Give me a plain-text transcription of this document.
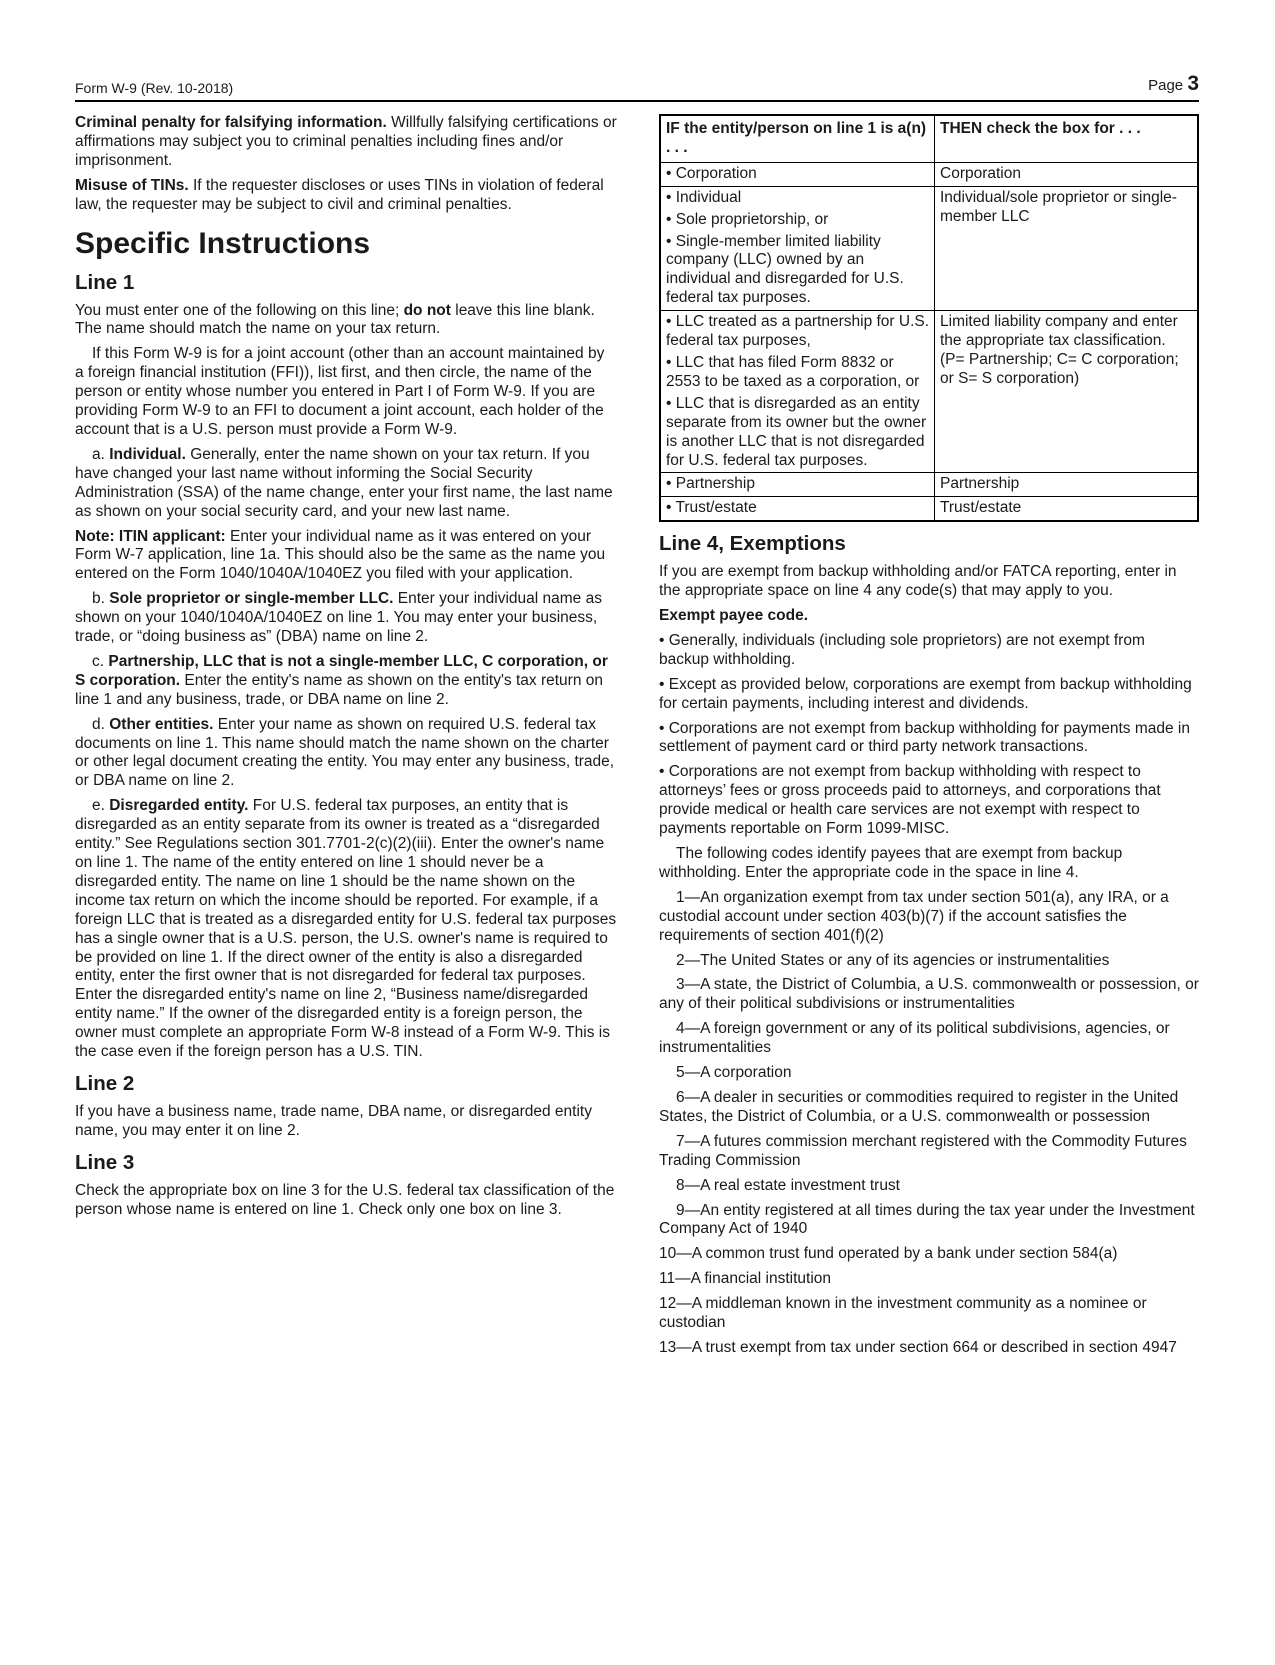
Form W-9 (Rev. 10-2018)	Page 3

Criminal penalty for falsifying information. Willfully falsifying certifications or affirmations may subject you to criminal penalties including fines and/or imprisonment.

Misuse of TINs. If the requester discloses or uses TINs in violation of federal law, the requester may be subject to civil and criminal penalties.

Specific Instructions
Line 1

You must enter one of the following on this line; do not leave this line blank. The name should match the name on your tax return.

If this Form W-9 is for a joint account (other than an account maintained by a foreign financial institution (FFI)), list first, and then circle, the name of the person or entity whose number you entered in Part I of Form W-9. If you are providing Form W-9 to an FFI to document a joint account, each holder of the account that is a U.S. person must provide a Form W-9.

a. Individual. Generally, enter the name shown on your tax return. If you have changed your last name without informing the Social Security Administration (SSA) of the name change, enter your first name, the last name as shown on your social security card, and your new last name.

Note: ITIN applicant: Enter your individual name as it was entered on your Form W-7 application, line 1a. This should also be the same as the name you entered on the Form 1040/1040A/1040EZ you filed with your application.

b. Sole proprietor or single-member LLC. Enter your individual name as shown on your 1040/1040A/1040EZ on line 1. You may enter your business, trade, or “doing business as” (DBA) name on line 2.

c. Partnership, LLC that is not a single-member LLC, C corporation, or S corporation. Enter the entity's name as shown on the entity's tax return on line 1 and any business, trade, or DBA name on line 2.

d. Other entities. Enter your name as shown on required U.S. federal tax documents on line 1. This name should match the name shown on the charter or other legal document creating the entity. You may enter any business, trade, or DBA name on line 2.

e. Disregarded entity. For U.S. federal tax purposes, an entity that is disregarded as an entity separate from its owner is treated as a “disregarded entity.” See Regulations section 301.7701-2(c)(2)(iii). Enter the owner's name on line 1. The name of the entity entered on line 1 should never be a disregarded entity. The name on line 1 should be the name shown on the income tax return on which the income should be reported. For example, if a foreign LLC that is treated as a disregarded entity for U.S. federal tax purposes has a single owner that is a U.S. person, the U.S. owner's name is required to be provided on line 1. If the direct owner of the entity is also a disregarded entity, enter the first owner that is not disregarded for federal tax purposes. Enter the disregarded entity's name on line 2, “Business name/disregarded entity name.” If the owner of the disregarded entity is a foreign person, the owner must complete an appropriate Form W-8 instead of a Form W-9. This is the case even if the foreign person has a U.S. TIN.

Line 2

If you have a business name, trade name, DBA name, or disregarded entity name, you may enter it on line 2.

Line 3

Check the appropriate box on line 3 for the U.S. federal tax classification of the person whose name is entered on line 1. Check only one box on line 3.

IF the entity/person on line 1 is a(n) . . .	THEN check the box for . . .

• Corporation	Corporation

• Individual
• Sole proprietorship, or
• Single-member limited liability company (LLC) owned by an individual and disregarded for U.S. federal tax purposes.	Individual/sole proprietor or single-member LLC

• LLC treated as a partnership for U.S. federal tax purposes,
• LLC that has filed Form 8832 or 2553 to be taxed as a corporation, or
• LLC that is disregarded as an entity separate from its owner but the owner is another LLC that is not disregarded for U.S. federal tax purposes.	Limited liability company and enter the appropriate tax classification. (P= Partnership; C= C corporation; or S= S corporation)

• Partnership	Partnership

• Trust/estate	Trust/estate
Line 4, Exemptions

If you are exempt from backup withholding and/or FATCA reporting, enter in the appropriate space on line 4 any code(s) that may apply to you.

Exempt payee code.

• Generally, individuals (including sole proprietors) are not exempt from backup withholding.

• Except as provided below, corporations are exempt from backup withholding for certain payments, including interest and dividends.

• Corporations are not exempt from backup withholding for payments made in settlement of payment card or third party network transactions.

• Corporations are not exempt from backup withholding with respect to attorneys’ fees or gross proceeds paid to attorneys, and corporations that provide medical or health care services are not exempt with respect to payments reportable on Form 1099-MISC.

The following codes identify payees that are exempt from backup withholding. Enter the appropriate code in the space in line 4.

1—An organization exempt from tax under section 501(a), any IRA, or a custodial account under section 403(b)(7) if the account satisfies the requirements of section 401(f)(2)
2—The United States or any of its agencies or instrumentalities
3—A state, the District of Columbia, a U.S. commonwealth or possession, or any of their political subdivisions or instrumentalities
4—A foreign government or any of its political subdivisions, agencies, or instrumentalities
5—A corporation
6—A dealer in securities or commodities required to register in the United States, the District of Columbia, or a U.S. commonwealth or possession
7—A futures commission merchant registered with the Commodity Futures Trading Commission
8—A real estate investment trust
9—An entity registered at all times during the tax year under the Investment Company Act of 1940
10—A common trust fund operated by a bank under section 584(a)
11—A financial institution
12—A middleman known in the investment community as a nominee or custodian
13—A trust exempt from tax under section 664 or described in section 4947
